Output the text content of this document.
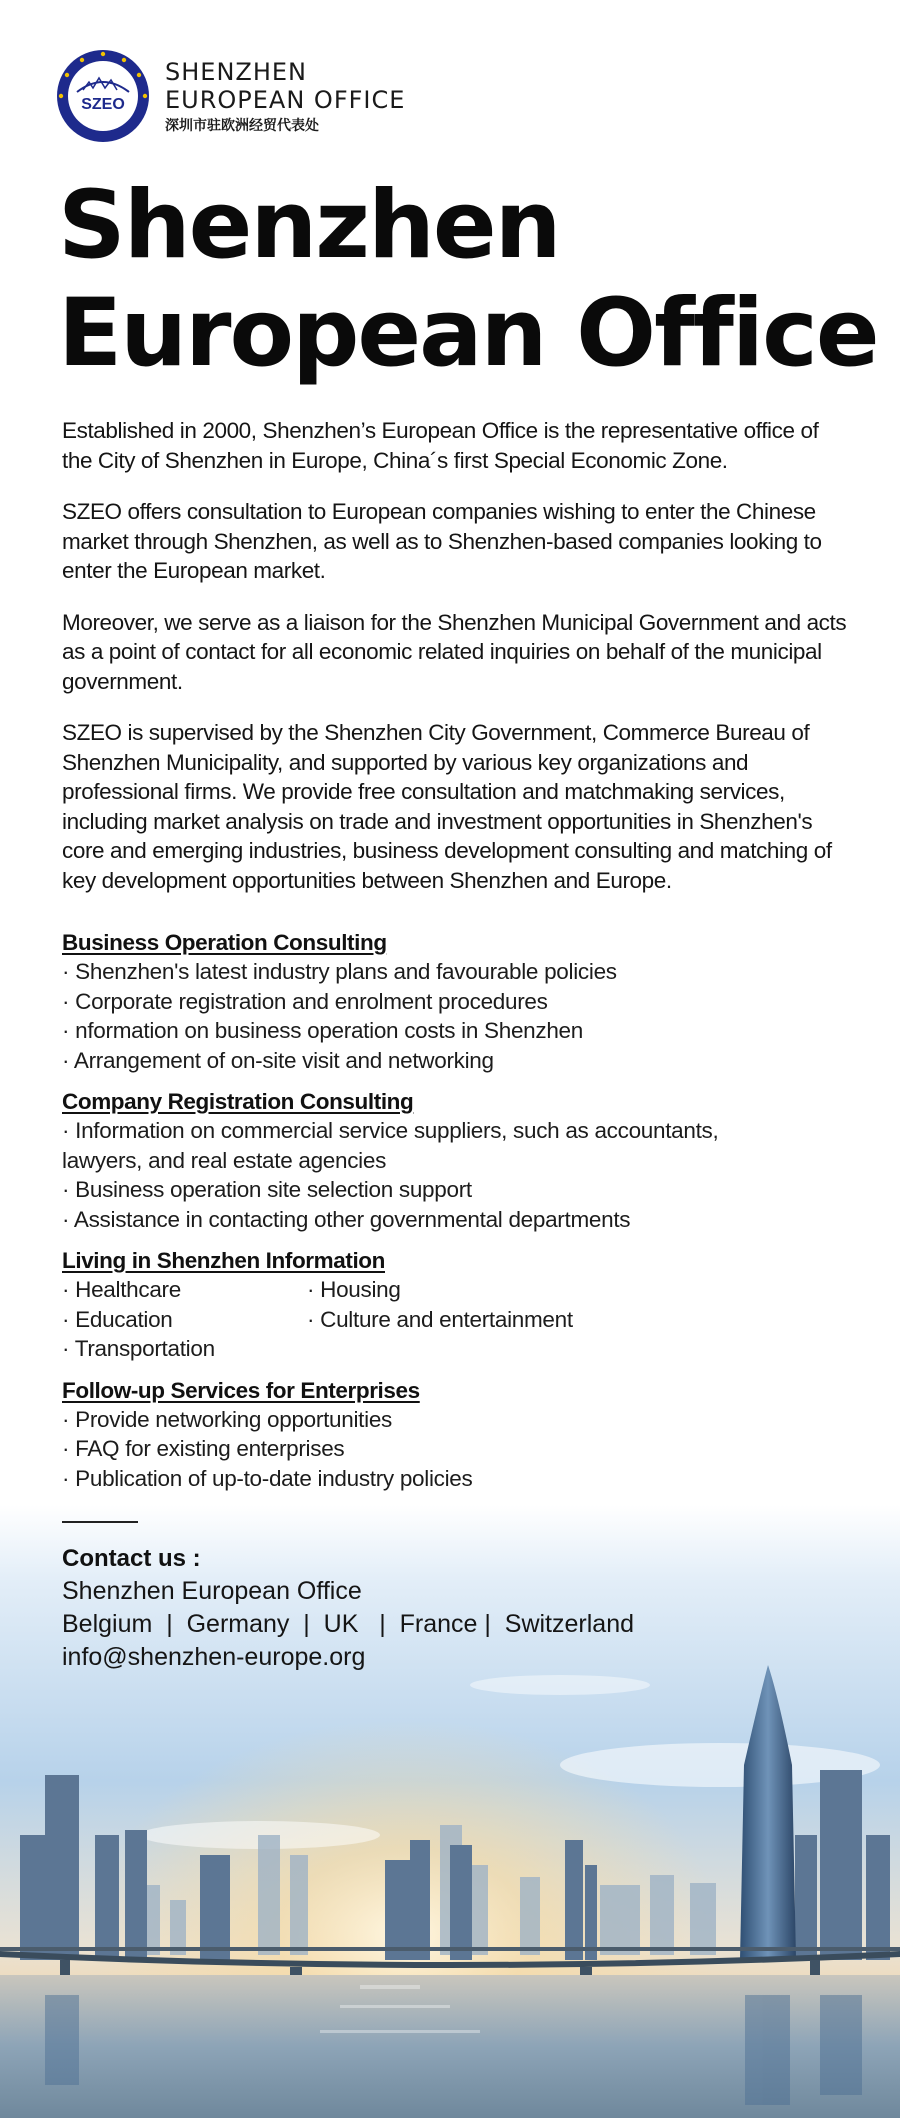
SZEO
SHENZHEN
EUROPEAN OFFICE
深圳市驻欧洲经贸代表处
Shenzhen
European Office

Established in 2000, Shenzhen’s European Office is the representative office of the City of Shenzhen in Europe, China´s first Special Economic Zone.

SZEO offers consultation to European companies wishing to enter the Chinese market through Shenzhen, as well as to Shenzhen-based companies looking to enter the European market.

Moreover, we serve as a liaison for the Shenzhen Municipal Government and acts as a point of contact for all economic related inquiries on behalf of the municipal government.

SZEO is supervised by the Shenzhen City Government, Commerce Bureau of Shenzhen Municipality, and supported by various key organizations and professional firms. We provide free consultation and matchmaking services, including market analysis on trade and investment opportunities in Shenzhen's core and emerging industries, business development consulting and matching of key development opportunities between Shenzhen and Europe.

Business Operation Consulting
· Shenzhen's latest industry plans and favourable policies
· Corporate registration and enrolment procedures
· nformation on business operation costs in Shenzhen
· Arrangement of on-site visit and networking
Company Registration Consulting
· Information on commercial service suppliers, such as accountants, lawyers, and real estate agencies
· Business operation site selection support
· Assistance in contacting other governmental departments
Living in Shenzhen Information
· Healthcare	· Housing
· Education	· Culture and entertainment
· Transportation
Follow-up Services for Enterprises
· Provide networking opportunities
· FAQ for existing enterprises
· Publication of up-to-date industry policies
Contact us :
Shenzhen European Office
Belgium  |  Germany  |  UK   |  France |  Switzerland
info@shenzhen-europe.org
